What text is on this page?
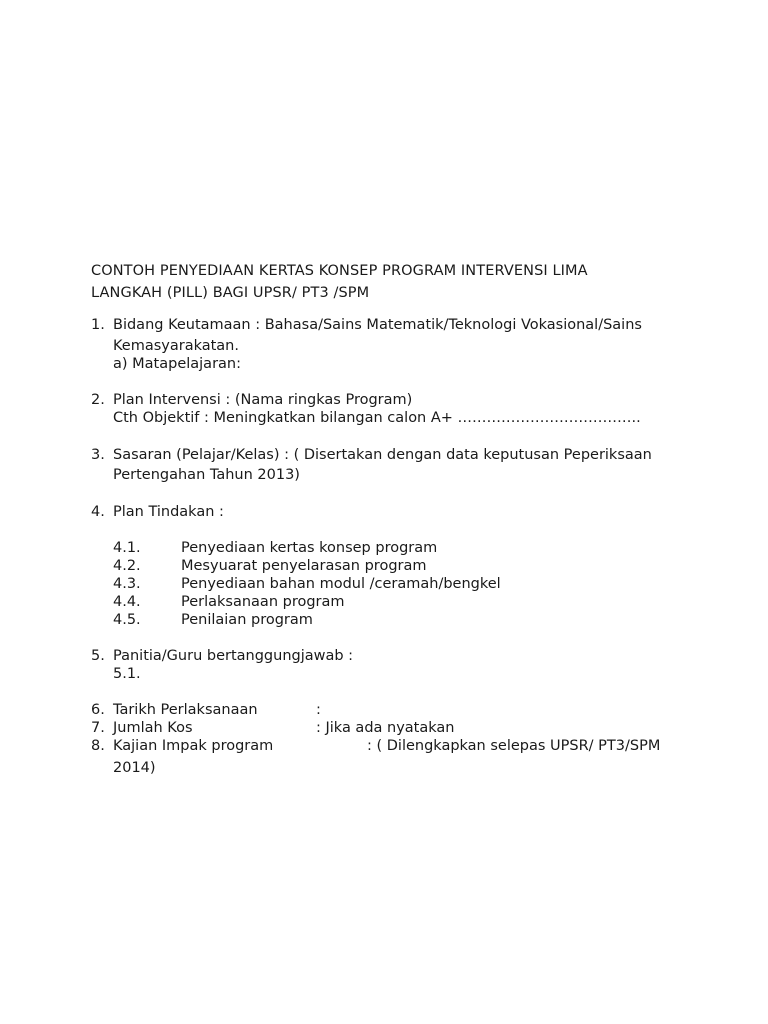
CONTOH PENYEDIAAN KERTAS KONSEP PROGRAM INTERVENSI LIMA
LANGKAH (PILL) BAGI UPSR/ PT3 /SPM
1. Bidang Keutamaan : Bahasa/Sains Matematik/Teknologi Vokasional/Sains
Kemasyarakatan.
a) Matapelajaran:
2. Plan Intervensi : (Nama ringkas Program)
Cth Objektif : Meningkatkan bilangan calon A+ ………………………………..
3. Sasaran (Pelajar/Kelas) : ( Disertakan dengan data keputusan Peperiksaan
Pertengahan Tahun 2013)
4. Plan Tindakan :
4.1.	Penyediaan kertas konsep program
4.2.	Mesyuarat penyelarasan program
4.3.	Penyediaan bahan modul /ceramah/bengkel
4.4.	Perlaksanaan program
4.5.	Penilaian program
5. Panitia/Guru bertanggungjawab :
5.1.
6. Tarikh Perlaksanaan	:
7. Jumlah Kos	: Jika ada nyatakan
8. Kajian Impak program	: ( Dilengkapkan selepas UPSR/ PT3/SPM
2014)
